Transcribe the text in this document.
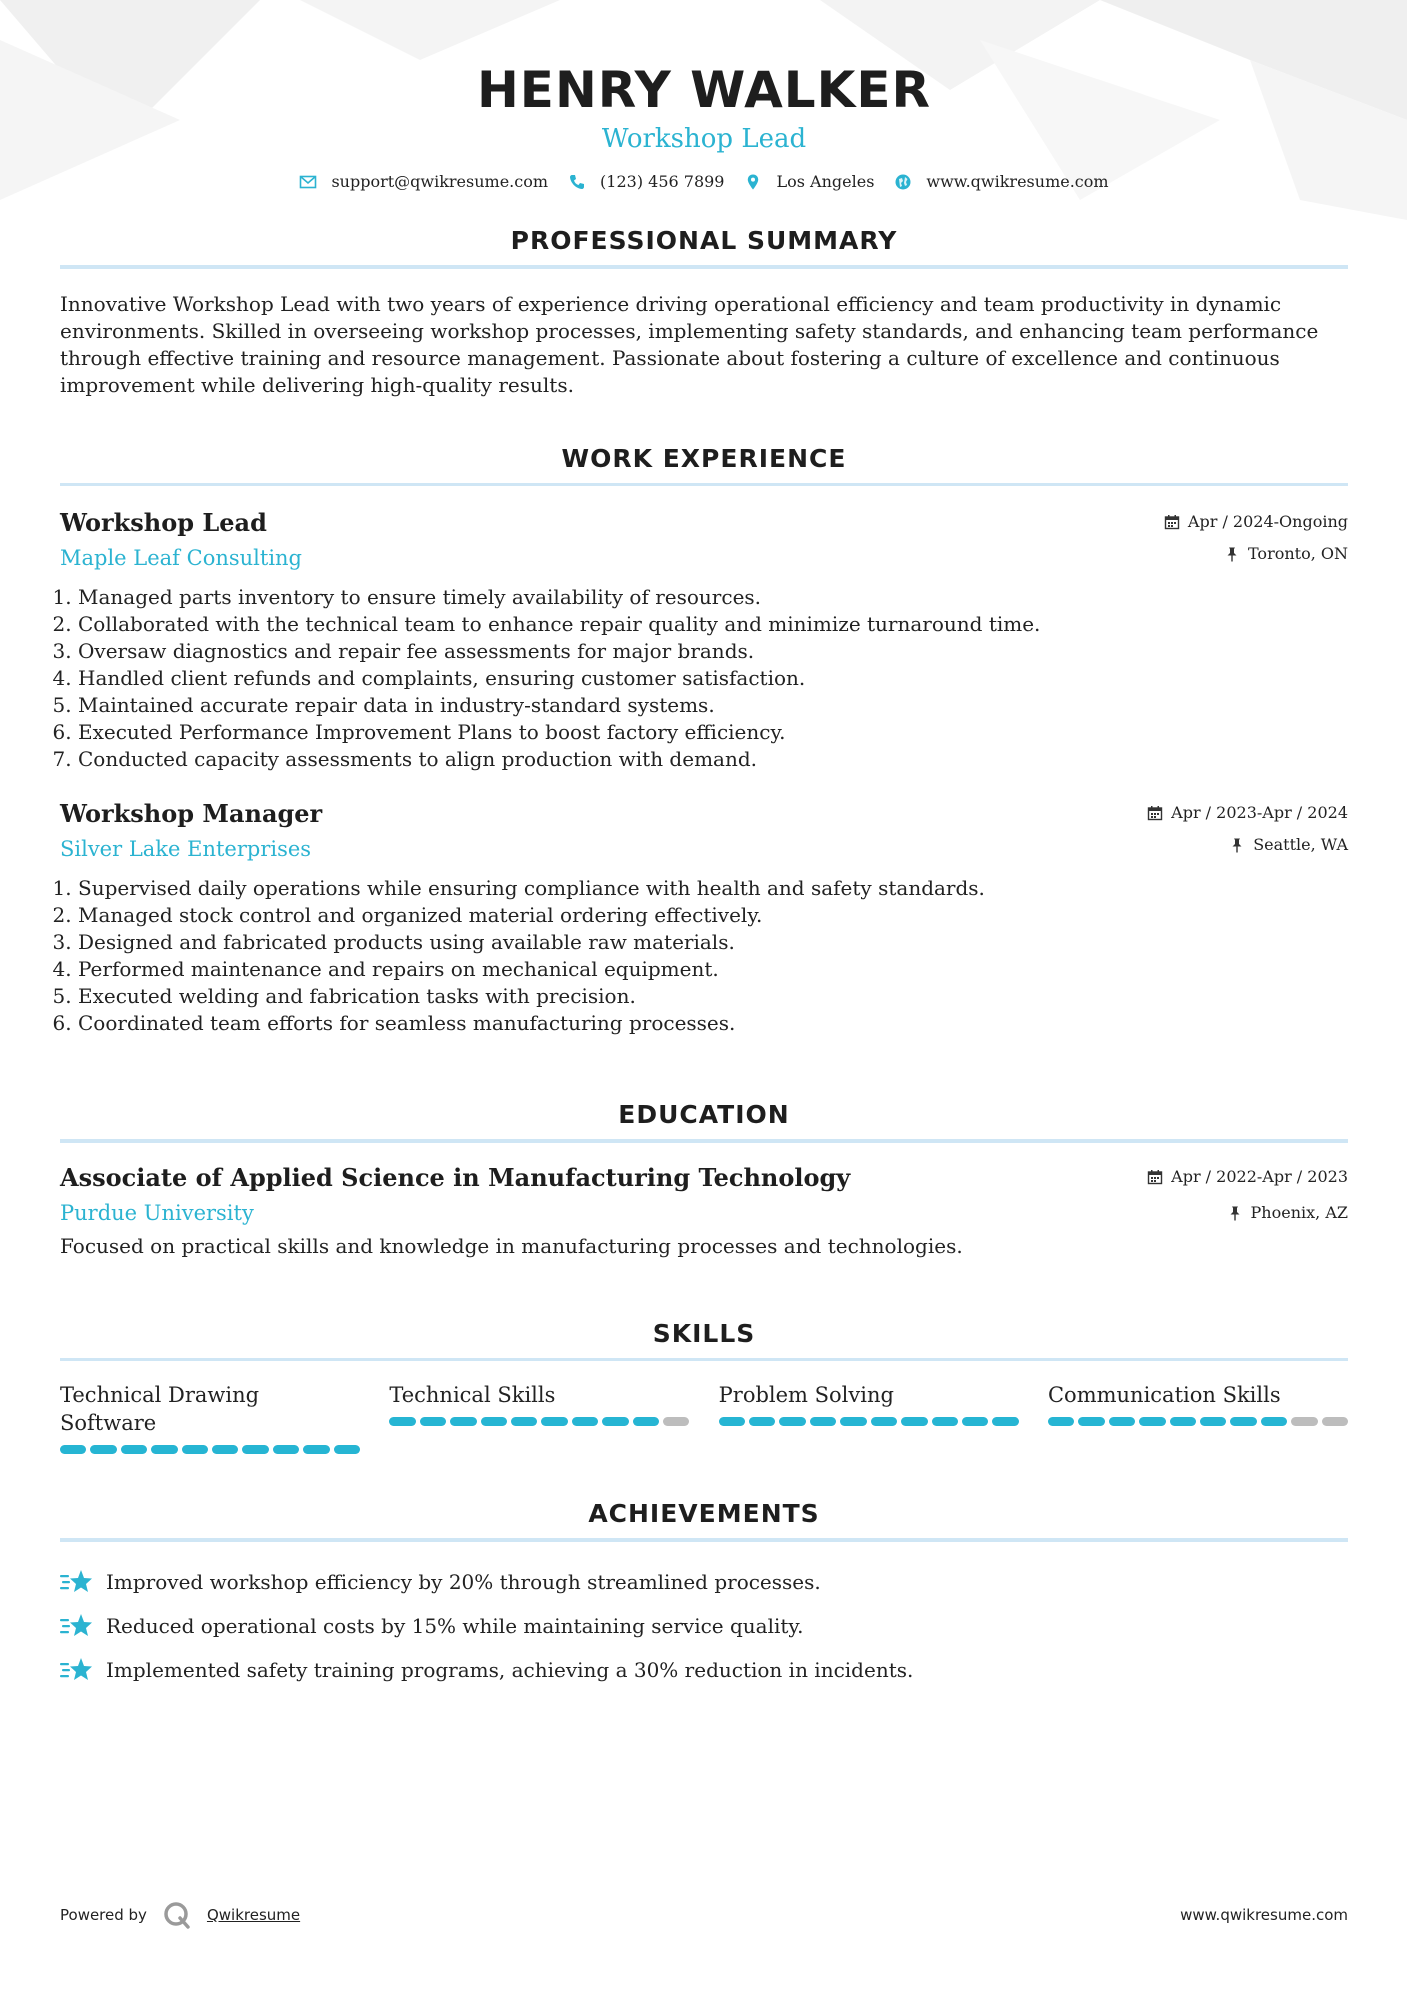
HENRY WALKER
Workshop Lead
support@qwikresume.com	(123) 456 7899	Los Angeles	www.qwikresume.com
PROFESSIONAL SUMMARY

Innovative Workshop Lead with two years of experience driving operational efficiency and team productivity in dynamic environments. Skilled in overseeing workshop processes, implementing safety standards, and enhancing team performance through effective training and resource management. Passionate about fostering a culture of excellence and continuous improvement while delivering high-quality results.

WORK EXPERIENCE
Workshop Lead
Maple Leaf Consulting
Apr / 2024-Ongoing
Toronto, ON
1. Managed parts inventory to ensure timely availability of resources.
2. Collaborated with the technical team to enhance repair quality and minimize turnaround time.
3. Oversaw diagnostics and repair fee assessments for major brands.
4. Handled client refunds and complaints, ensuring customer satisfaction.
5. Maintained accurate repair data in industry-standard systems.
6. Executed Performance Improvement Plans to boost factory efficiency.
7. Conducted capacity assessments to align production with demand.
Workshop Manager
Silver Lake Enterprises
Apr / 2023-Apr / 2024
Seattle, WA
1. Supervised daily operations while ensuring compliance with health and safety standards.
2. Managed stock control and organized material ordering effectively.
3. Designed and fabricated products using available raw materials.
4. Performed maintenance and repairs on mechanical equipment.
5. Executed welding and fabrication tasks with precision.
6. Coordinated team efforts for seamless manufacturing processes.
EDUCATION
Associate of Applied Science in Manufacturing Technology
Purdue University
Apr / 2022-Apr / 2023
Phoenix, AZ
Focused on practical skills and knowledge in manufacturing processes and technologies.
SKILLS
Technical Drawing Software
Technical Skills	Problem Solving	Communication Skills
ACHIEVEMENTS
Improved workshop efficiency by 20% through streamlined processes.
Reduced operational costs by 15% while maintaining service quality.
Implemented safety training programs, achieving a 30% reduction in incidents.
Powered by	Qwikresume	www.qwikresume.com
